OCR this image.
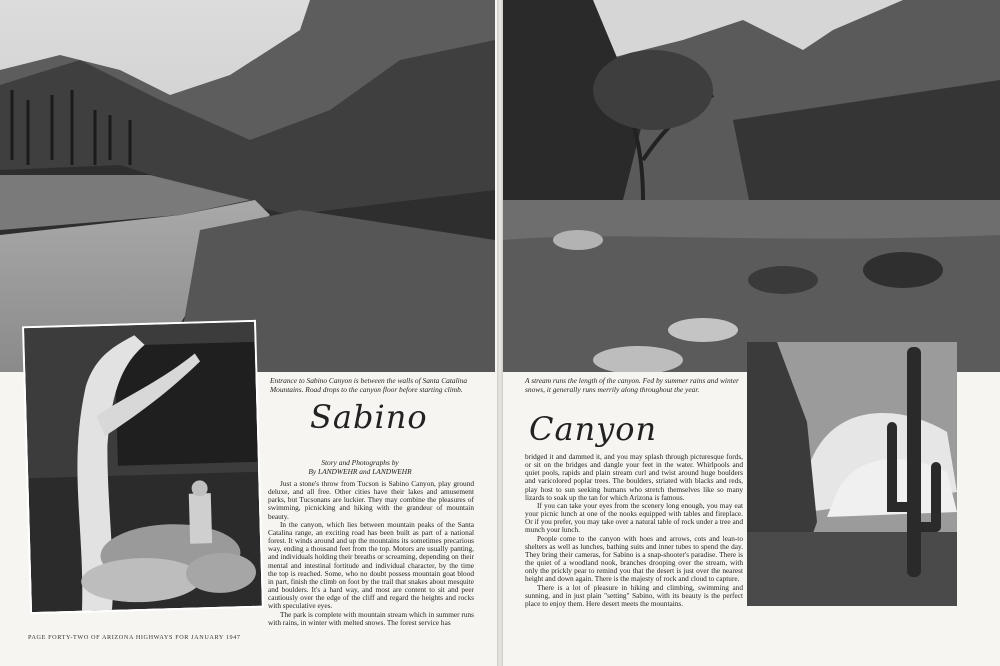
Entrance to Sabino Canyon is between the walls of Santa Catalina Mountains. Road drops to the canyon floor before starting climb.
Sabino
Story and Photographs by
By LANDWEHR and LANDWEHR

Just a stone's throw from Tucson is Sabino Canyon, play ground deluxe, and all free. Other cities have their lakes and amusement parks, but Tucsonans are luckier. They may combine the pleasures of swimming, picnicking and hiking with the grandeur of mountain beauty.

In the canyon, which lies between mountain peaks of the Santa Catalina range, an exciting road has been built as part of a national forest. It winds around and up the mountains its sometimes precarious way, ending a thousand feet from the top. Motors are usually panting, and individuals holding their breaths or screaming, depending on their mental and intestinal fortitude and individual character, by the time the top is reached. Some, who no doubt possess mountain goat blood in part, finish the climb on foot by the trail that snakes about mesquite and boulders. It's a hard way, and most are content to sit and peer cautiously over the edge of the cliff and regard the heights and rocks with speculative eyes.

The park is complete with mountain stream which in summer runs with rains, in winter with melted snows. The forest service has

PAGE FORTY-TWO OF ARIZONA HIGHWAYS FOR JANUARY 1947
A stream runs the length of the canyon. Fed by summer rains and winter snows, it generally runs merrily along throughout the year.
Canyon

bridged it and dammed it, and you may splash through picturesque fords, or sit on the bridges and dangle your feet in the water. Whirlpools and quiet pools, rapids and plain stream curl and twist around huge boulders and varicolored poplar trees. The boulders, striated with blacks and reds, play host to sun seeking humans who stretch themselves like so many lizards to soak up the tan for which Arizona is famous.

If you can take your eyes from the scenery long enough, you may eat your picnic lunch at one of the nooks equipped with tables and fireplace. Or if you prefer, you may take over a natural table of rock under a tree and munch your lunch.

People come to the canyon with hoes and arrows, cots and lean-to shelters as well as lunches, bathing suits and inner tubes to spend the day. They bring their cameras, for Sabino is a snap-shooter's paradise. There is the quiet of a woodland nook, branches drooping over the stream, with only the prickly pear to remind you that the desert is just over the nearest height and down again. There is the majesty of rock and cloud to capture.

There is a lot of pleasure in hiking and climbing, swimming and sunning, and in just plain "setting" Sabino, with its beauty is the perfect place to enjoy them. Here desert meets the mountains.
